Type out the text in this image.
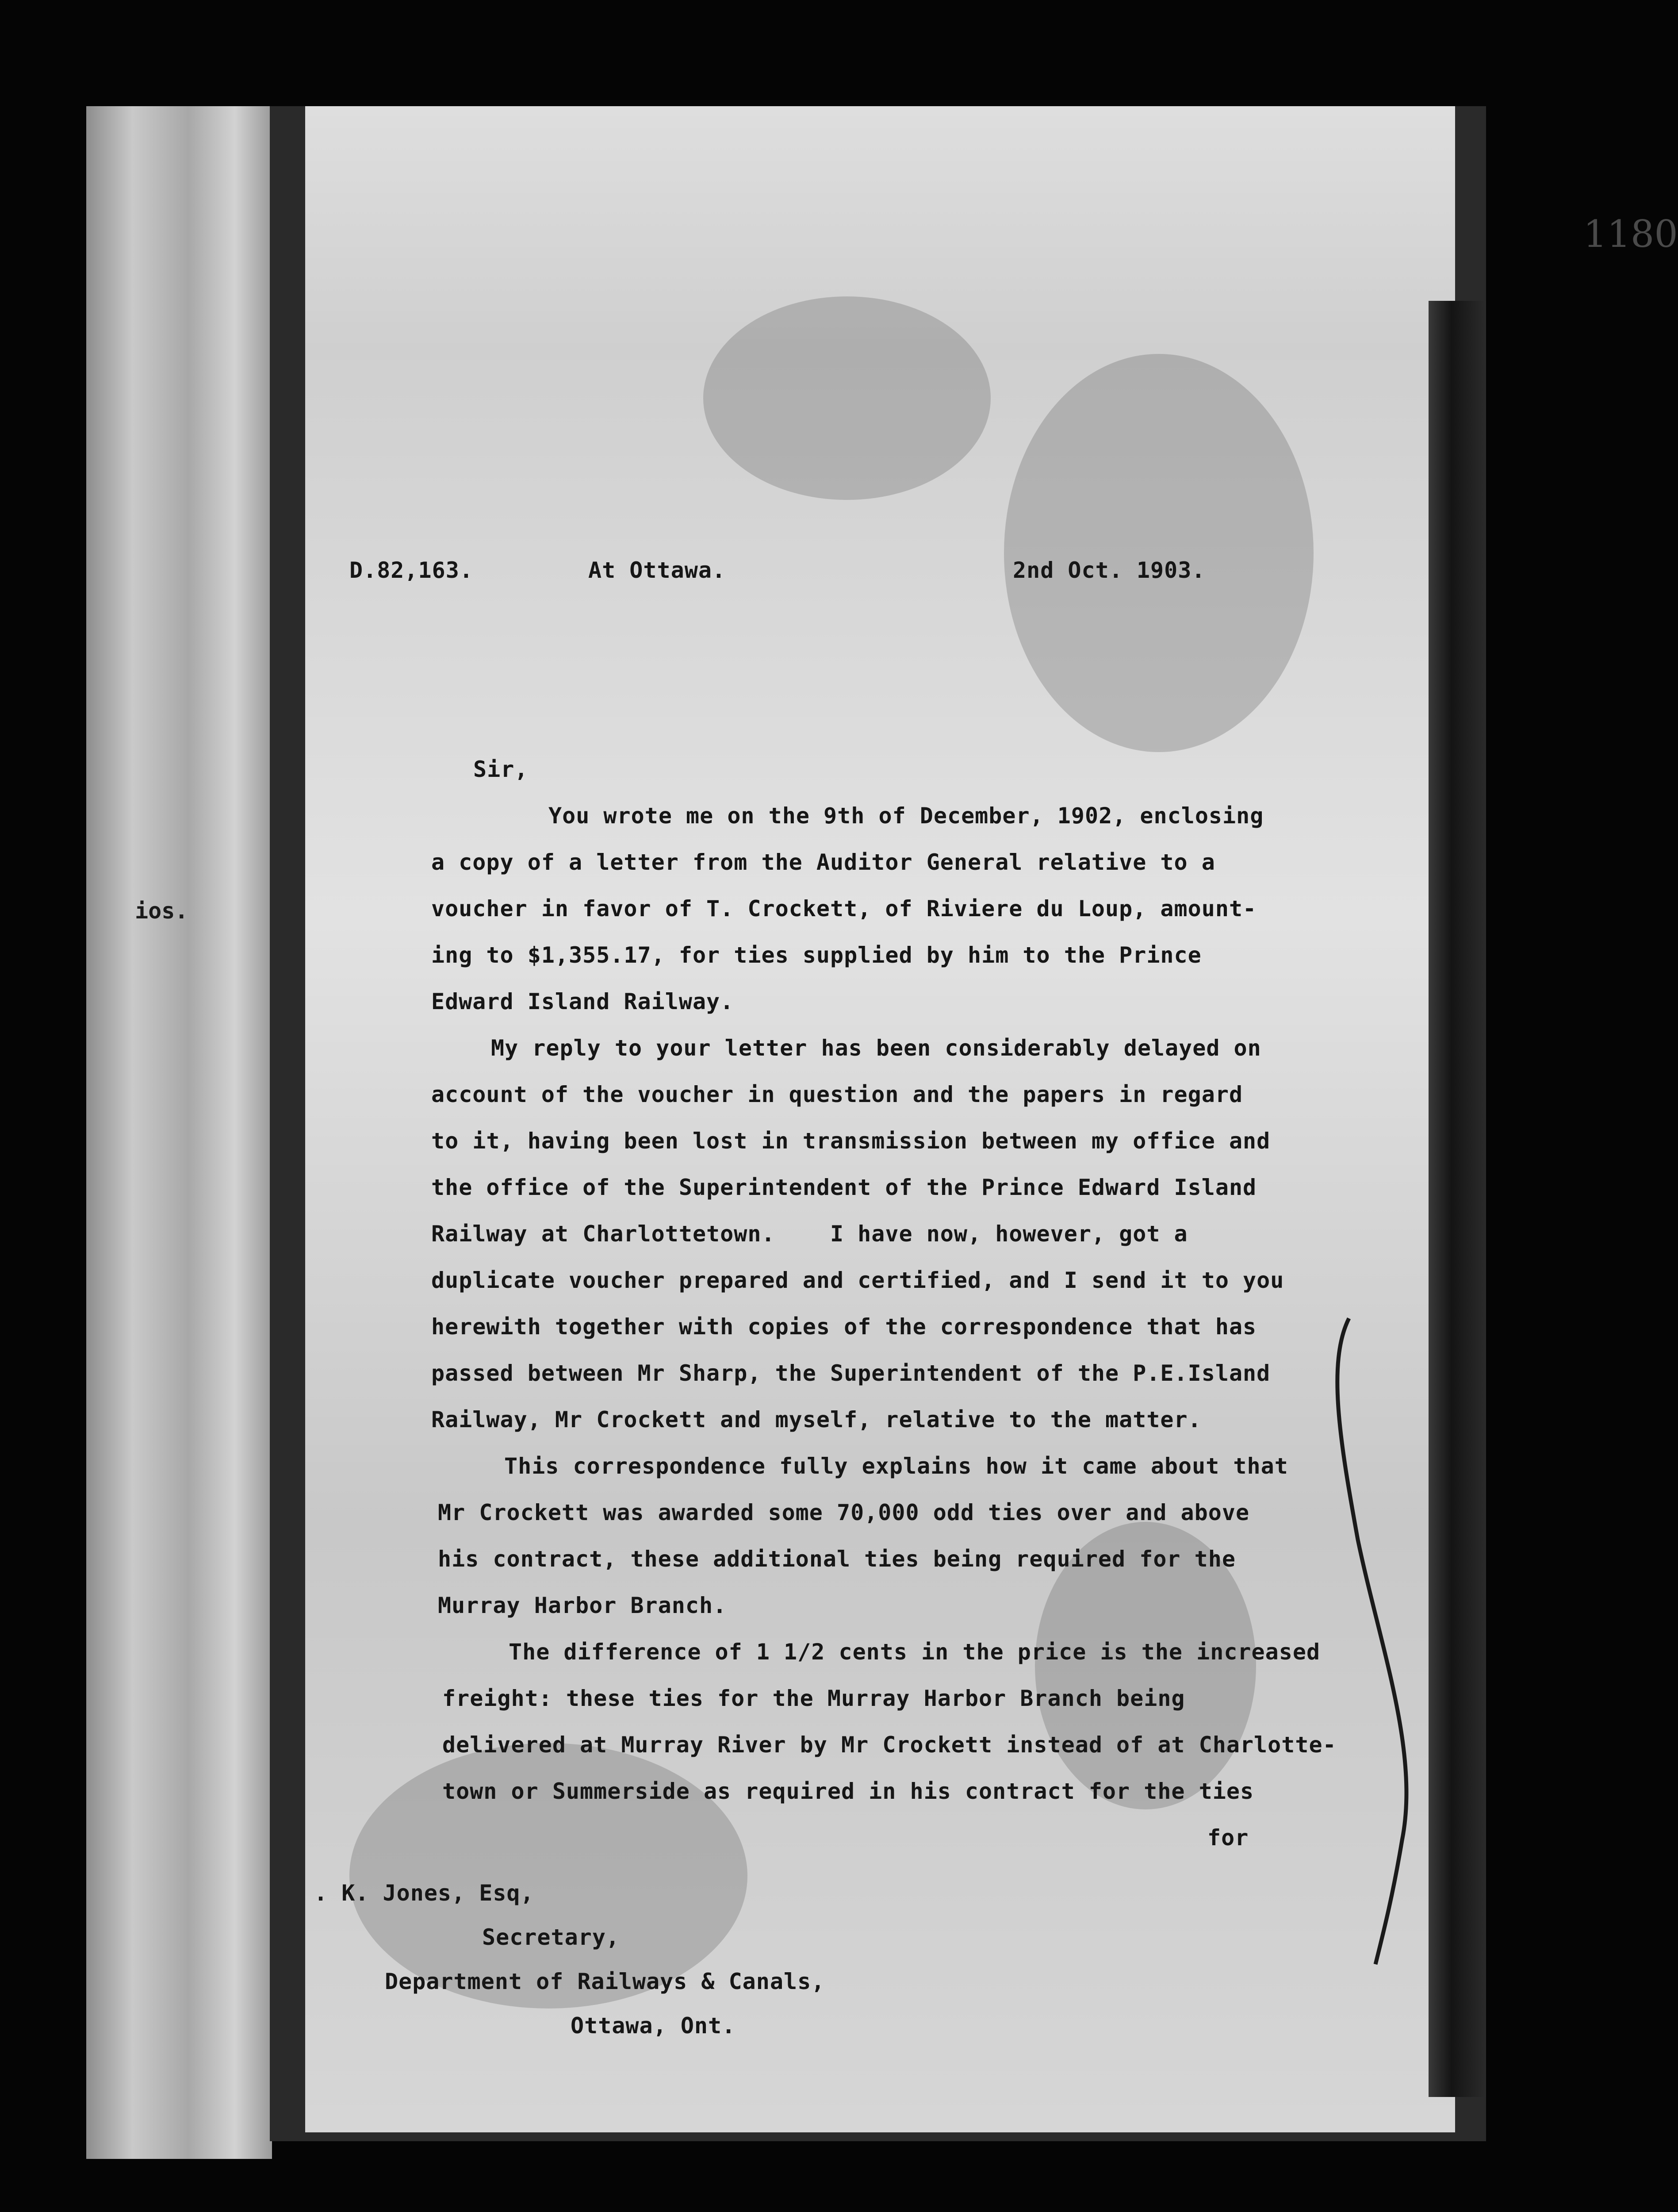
ios.
1180
D.82,163.	At Ottawa.	2nd Oct. 1903.
Sir,
You wrote me on the 9th of December, 1902, enclosing
a copy of a letter from the Auditor General relative to a
voucher in favor of T. Crockett, of Riviere du Loup, amount-
ing to $1,355.17, for ties supplied by him to the Prince
Edward Island Railway.
My reply to your letter has been considerably delayed on
account of the voucher in question and the papers in regard
to it, having been lost in transmission between my office and
the office of the Superintendent of the Prince Edward Island
Railway at Charlottetown.    I have now, however, got a
duplicate voucher prepared and certified, and I send it to you
herewith together with copies of the correspondence that has
passed between Mr Sharp, the Superintendent of the P.E.Island
Railway, Mr Crockett and myself, relative to the matter.
This correspondence fully explains how it came about that
Mr Crockett was awarded some 70,000 odd ties over and above
his contract, these additional ties being required for the
Murray Harbor Branch.
The difference of 1 1/2 cents in the price is the increased
freight: these ties for the Murray Harbor Branch being
delivered at Murray River by Mr Crockett instead of at Charlotte-
town or Summerside as required in his contract for the ties
for
. K. Jones, Esq,
Secretary,
Department of Railways & Canals,
Ottawa, Ont.
